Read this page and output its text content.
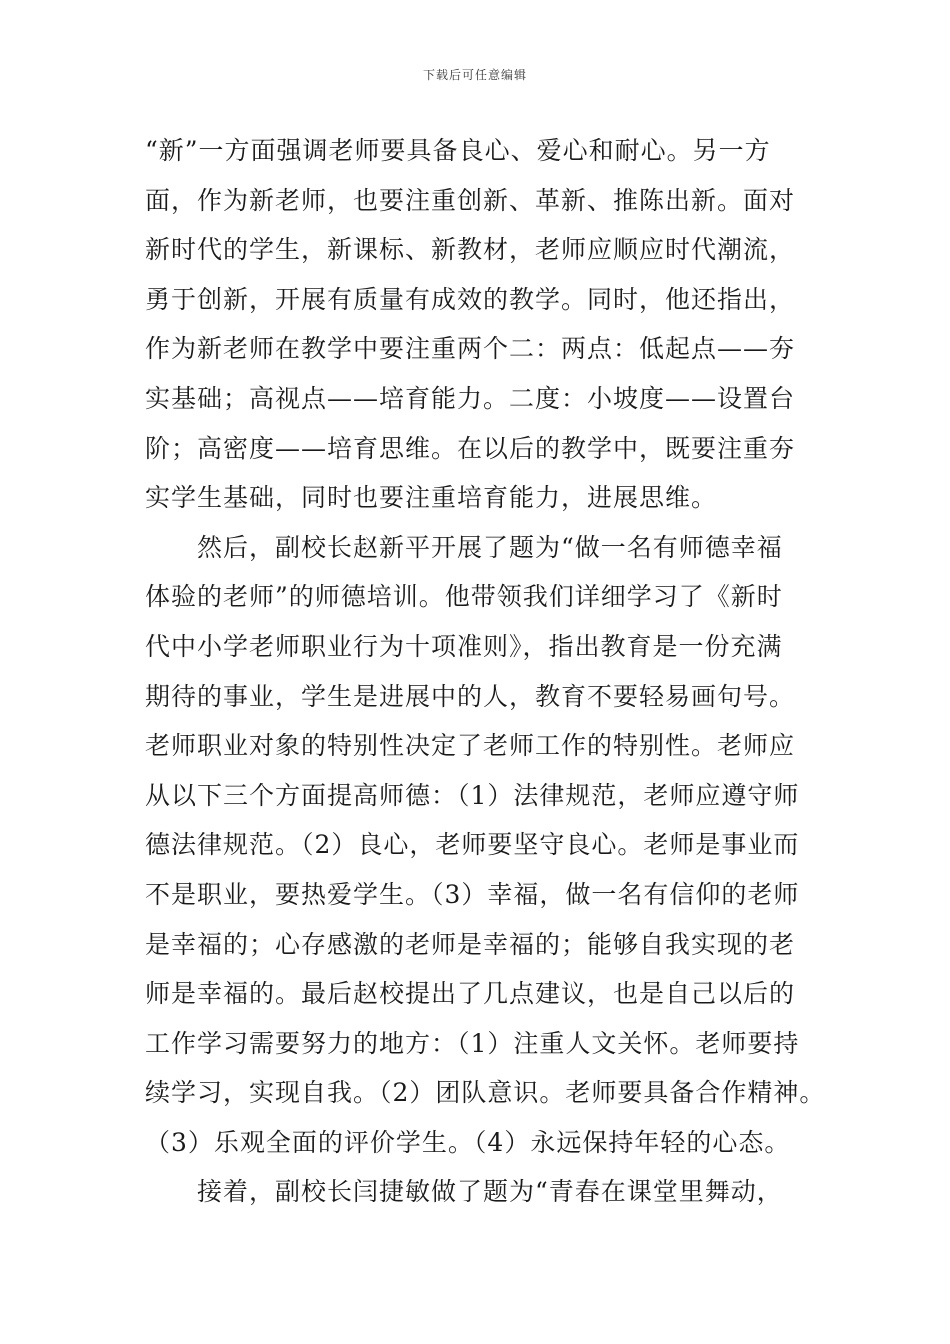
下载后可任意编辑
“新”一方面强调老师要具备良心、爱心和耐心。另一方
面，作为新老师，也要注重创新、革新、推陈出新。面对
新时代的学生，新课标、新教材，老师应顺应时代潮流，
勇于创新，开展有质量有成效的教学。同时，他还指出，
作为新老师在教学中要注重两个二：两点：低起点——夯
实基础；高视点——培育能力。二度：小坡度——设置台
阶；高密度——培育思维。在以后的教学中，既要注重夯
实学生基础，同时也要注重培育能力，进展思维。
然后，副校长赵新平开展了题为“做一名有师德幸福
体验的老师”的师德培训。他带领我们详细学习了《新时
代中小学老师职业行为十项准则》，指出教育是一份充满
期待的事业，学生是进展中的人，教育不要轻易画句号。
老师职业对象的特别性决定了老师工作的特别性。老师应
从以下三个方面提高师德：（1）法律规范，老师应遵守师
德法律规范。（2）良心，老师要坚守良心。老师是事业而
不是职业，要热爱学生。（3）幸福，做一名有信仰的老师
是幸福的；心存感激的老师是幸福的；能够自我实现的老
师是幸福的。最后赵校提出了几点建议，也是自己以后的
工作学习需要努力的地方：（1）注重人文关怀。老师要持
续学习，实现自我。（2）团队意识。老师要具备合作精神。
（3）乐观全面的评价学生。（4）永远保持年轻的心态。
接着，副校长闫捷敏做了题为“青春在课堂里舞动，
